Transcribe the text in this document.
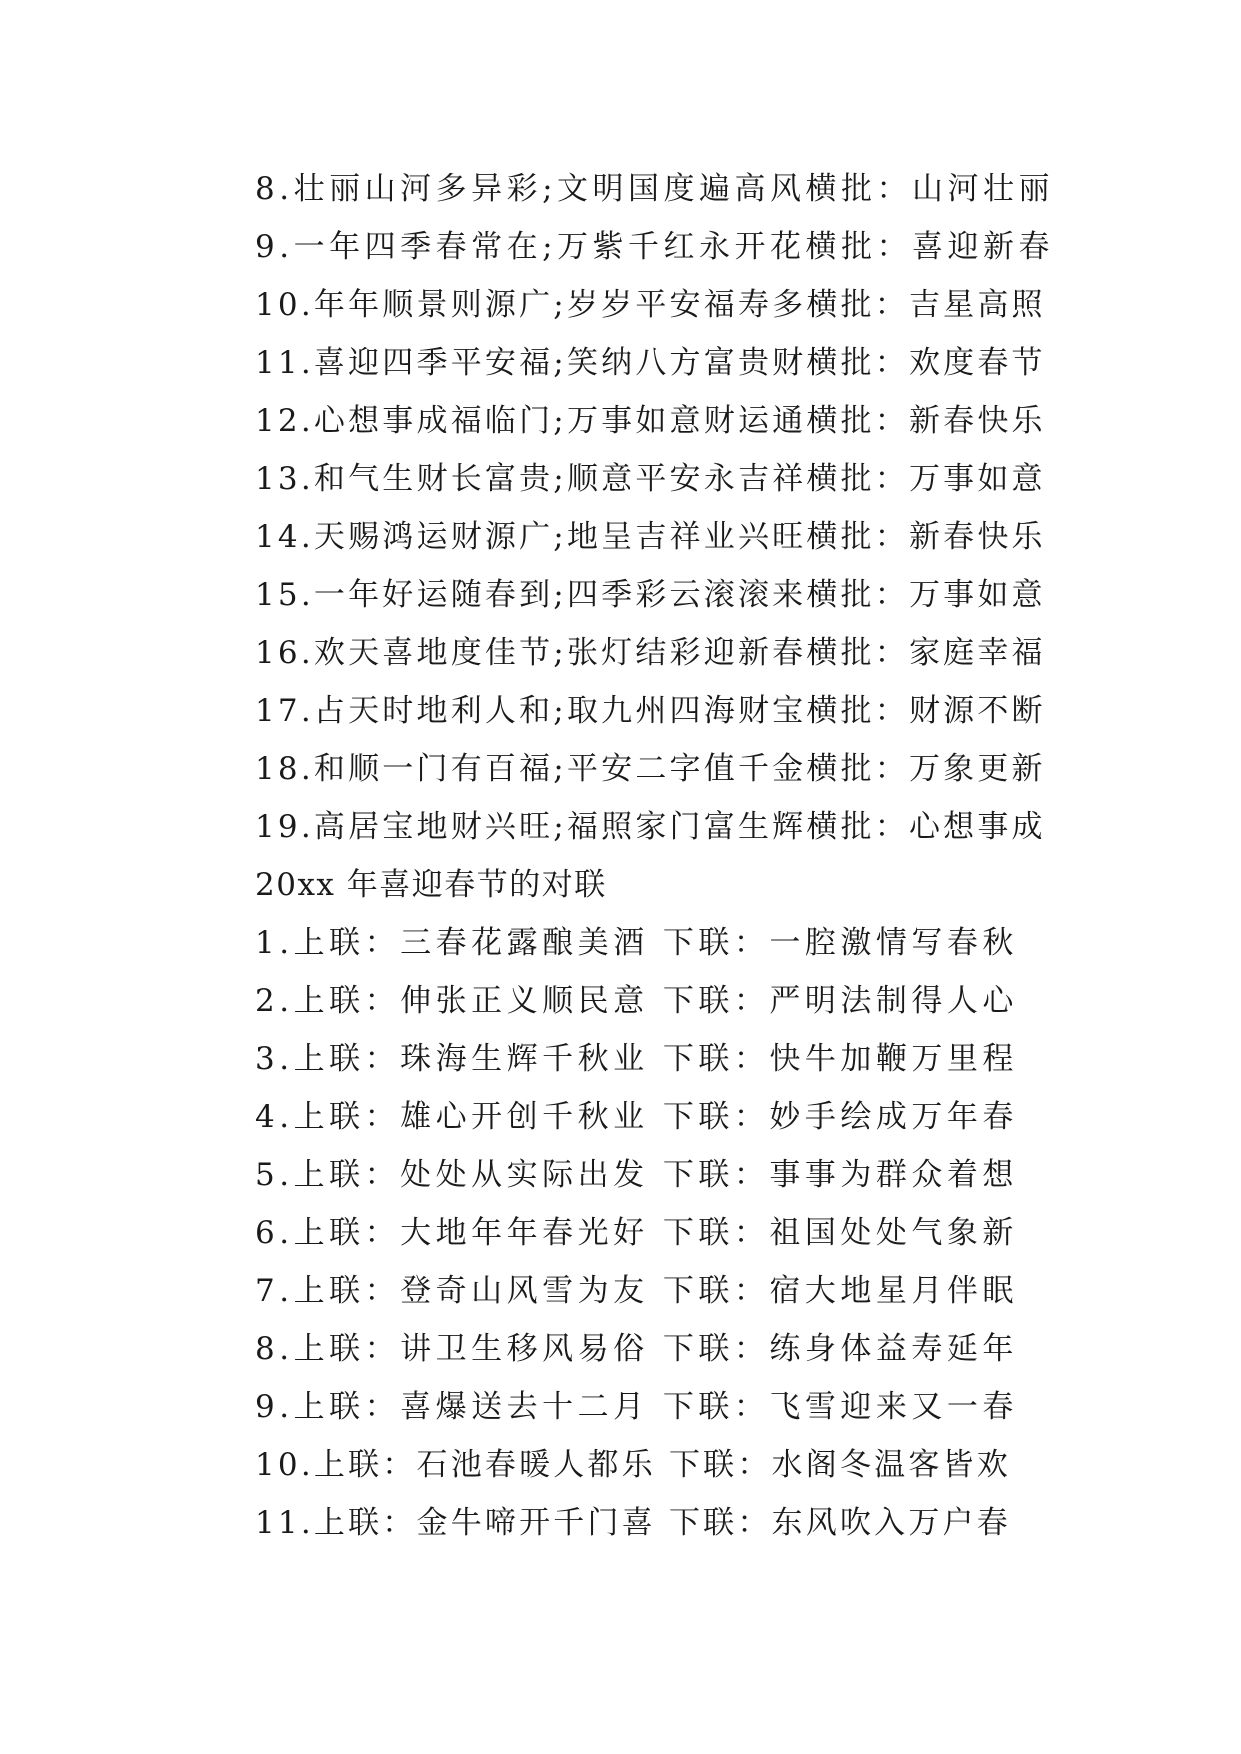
8.壮丽山河多异彩;文明国度遍高风横批：山河壮丽
9.一年四季春常在;万紫千红永开花横批：喜迎新春
10.年年顺景则源广;岁岁平安福寿多横批：吉星高照
11.喜迎四季平安福;笑纳八方富贵财横批：欢度春节
12.心想事成福临门;万事如意财运通横批：新春快乐
13.和气生财长富贵;顺意平安永吉祥横批：万事如意
14.天赐鸿运财源广;地呈吉祥业兴旺横批：新春快乐
15.一年好运随春到;四季彩云滚滚来横批：万事如意
16.欢天喜地度佳节;张灯结彩迎新春横批：家庭幸福
17.占天时地利人和;取九州四海财宝横批：财源不断
18.和顺一门有百福;平安二字值千金横批：万象更新
19.高居宝地财兴旺;福照家门富生辉横批：心想事成
20xx 年喜迎春节的对联
1.上联：三春花露酿美酒 下联：一腔激情写春秋
2.上联：伸张正义顺民意 下联：严明法制得人心
3.上联：珠海生辉千秋业 下联：快牛加鞭万里程
4.上联：雄心开创千秋业 下联：妙手绘成万年春
5.上联：处处从实际出发 下联：事事为群众着想
6.上联：大地年年春光好 下联：祖国处处气象新
7.上联：登奇山风雪为友 下联：宿大地星月伴眠
8.上联：讲卫生移风易俗 下联：练身体益寿延年
9.上联：喜爆送去十二月 下联：飞雪迎来又一春
10.上联：石池春暖人都乐 下联：水阁冬温客皆欢
11.上联：金牛啼开千门喜 下联：东风吹入万户春
